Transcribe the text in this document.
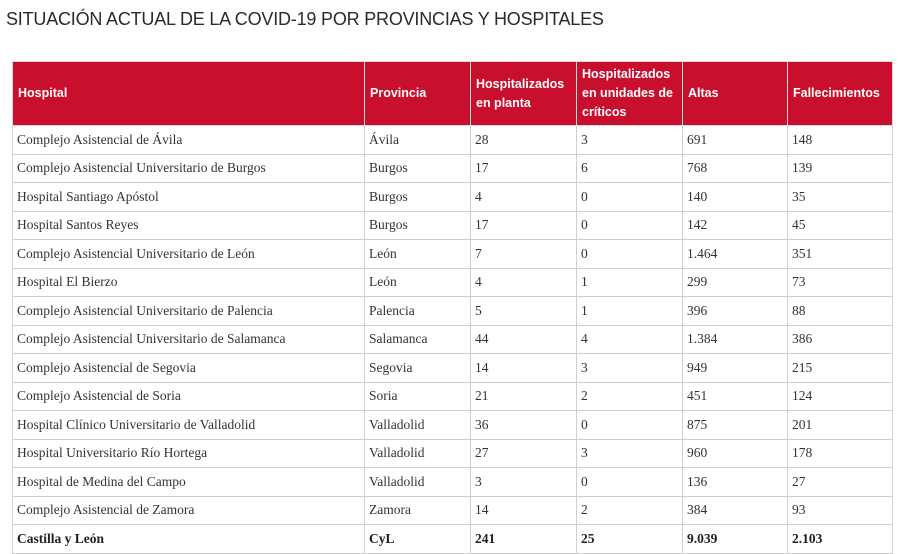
SITUACIÓN ACTUAL DE LA COVID-19 POR PROVINCIAS Y HOSPITALES
Hospital	Provincia	Hospitalizados en planta	Hospitalizados en unidades de críticos	Altas	Fallecimientos
Complejo Asistencial de Ávila	Ávila	28	3	691	148
Complejo Asistencial Universitario de Burgos	Burgos	17	6	768	139
Hospital Santiago Apóstol	Burgos	4	0	140	35
Hospital Santos Reyes	Burgos	17	0	142	45
Complejo Asistencial Universitario de León	León	7	0	1.464	351
Hospital El Bierzo	León	4	1	299	73
Complejo Asistencial Universitario de Palencia	Palencia	5	1	396	88
Complejo Asistencial Universitario de Salamanca	Salamanca	44	4	1.384	386
Complejo Asistencial de Segovia	Segovia	14	3	949	215
Complejo Asistencial de Soria	Soria	21	2	451	124
Hospital Clínico Universitario de Valladolid	Valladolid	36	0	875	201
Hospital Universitario Río Hortega	Valladolid	27	3	960	178
Hospital de Medina del Campo	Valladolid	3	0	136	27
Complejo Asistencial de Zamora	Zamora	14	2	384	93
Castilla y León	CyL	241	25	9.039	2.103
